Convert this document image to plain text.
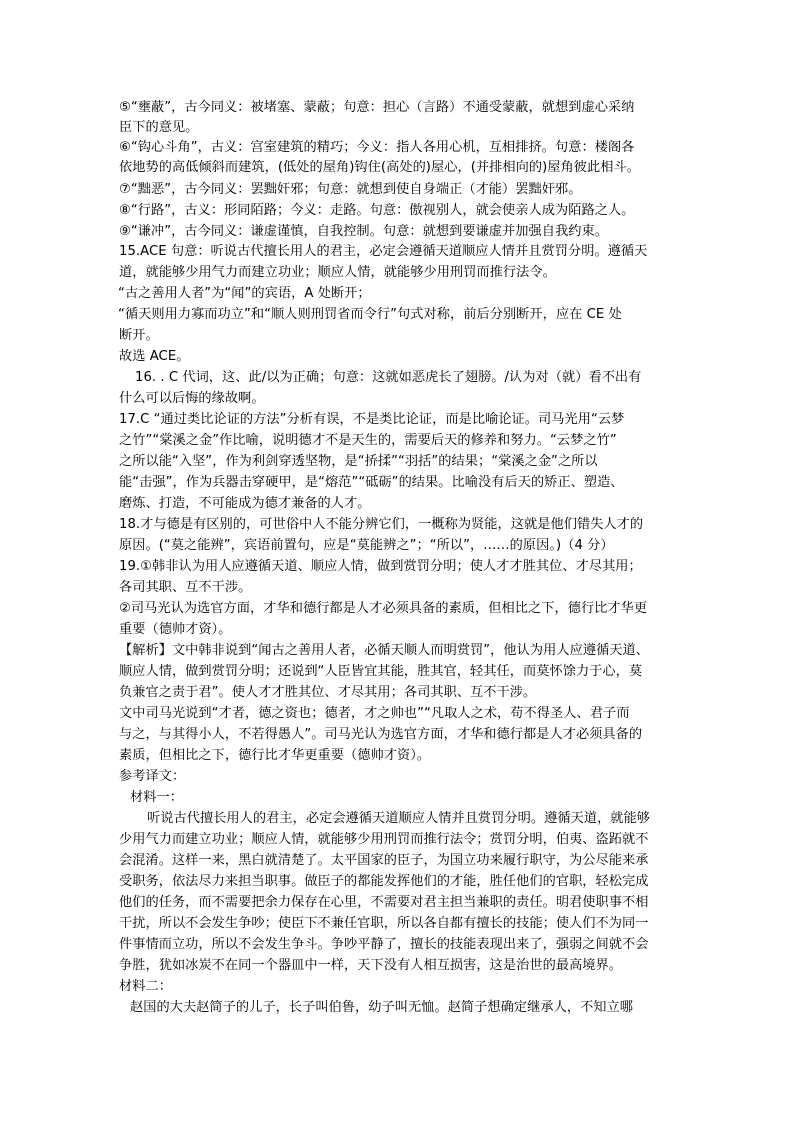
⑤“壅蔽”，古今同义：被堵塞、蒙蔽；句意：担心（言路）不通受蒙蔽，就想到虚心采纳
臣下的意见。
⑥“钩心斗角”，古义：宫室建筑的精巧；今义：指人各用心机，互相排挤。句意：楼阁各
依地势的高低倾斜而建筑，(低处的屋角)钩住(高处的)屋心，(并排相向的)屋角彼此相斗。
⑦“黜恶”，古今同义：罢黜奸邪；句意：就想到使自身端正（才能）罢黜奸邪。
⑧“行路”，古义：形同陌路；今义：走路。句意：傲视别人，就会使亲人成为陌路之人。
⑨“谦冲”，古今同义：谦虚谨慎，自我控制。句意：就想到要谦虚并加强自我约束。
15.ACE 句意：听说古代擅长用人的君主，必定会遵循天道顺应人情并且赏罚分明。遵循天
道，就能够少用气力而建立功业；顺应人情，就能够少用刑罚而推行法令。
“古之善用人者”为“闻”的宾语，A 处断开；
“循天则用力寡而功立”和“顺人则刑罚省而令行”句式对称，前后分别断开，应在 CE 处
断开。
故选 ACE。
16. . C 代词，这、此/以为正确；句意：这就如恶虎长了翅膀。/认为对（就）看不出有
什么可以后悔的缘故啊。
17.C “通过类比论证的方法”分析有误，不是类比论证，而是比喻论证。司马光用“云梦
之竹”“棠溪之金”作比喻，说明德才不是天生的，需要后天的修养和努力。“云梦之竹”
之所以能“入坚”，作为利剑穿透坚物，是“挢揉”“羽括”的结果；“棠溪之金”之所以
能“击强”，作为兵器击穿硬甲，是“熔范”“砥砺”的结果。比喻没有后天的矫正、塑造、
磨炼、打造，不可能成为德才兼备的人才。
18.才与德是有区别的，可世俗中人不能分辨它们，一概称为贤能，这就是他们错失人才的
原因。(“莫之能辨”，宾语前置句，应是“莫能辨之”；“所以”，……的原因。)（4 分）
19.①韩非认为用人应遵循天道、顺应人情，做到赏罚分明；使人才才胜其位、才尽其用；
各司其职、互不干涉。
②司马光认为选官方面，才华和德行都是人才必须具备的素质，但相比之下，德行比才华更
重要（德帅才资）。
【解析】文中韩非说到“闻古之善用人者，必循天顺人而明赏罚”，他认为用人应遵循天道、
顺应人情，做到赏罚分明；还说到“人臣皆宜其能，胜其官，轻其任，而莫怀馀力于心，莫
负兼官之责于君”。使人才才胜其位、才尽其用；各司其职、互不干涉。
文中司马光说到“才者，德之资也；德者，才之帅也”“凡取人之术，苟不得圣人、君子而
与之，与其得小人，不若得愚人”。司马光认为选官方面，才华和德行都是人才必须具备的
素质，但相比之下，德行比才华更重要（德帅才资）。
参考译文：
材料一：
听说古代擅长用人的君主，必定会遵循天道顺应人情并且赏罚分明。遵循天道，就能够
少用气力而建立功业；顺应人情，就能够少用刑罚而推行法令；赏罚分明，伯夷、盗跖就不
会混淆。这样一来，黑白就清楚了。太平国家的臣子，为国立功来履行职守，为公尽能来承
受职务，依法尽力来担当职事。做臣子的都能发挥他们的才能，胜任他们的官职，轻松完成
他们的任务，而不需要把余力保存在心里，不需要对君主担当兼职的责任。明君使职事不相
干扰，所以不会发生争吵；使臣下不兼任官职，所以各自都有擅长的技能；使人们不为同一
件事情而立功，所以不会发生争斗。争吵平静了，擅长的技能表现出来了，强弱之间就不会
争胜，犹如冰炭不在同一个器皿中一样，天下没有人相互损害，这是治世的最高境界。
材料二：
赵国的大夫赵简子的儿子，长子叫伯鲁，幼子叫无恤。赵简子想确定继承人，不知立哪
